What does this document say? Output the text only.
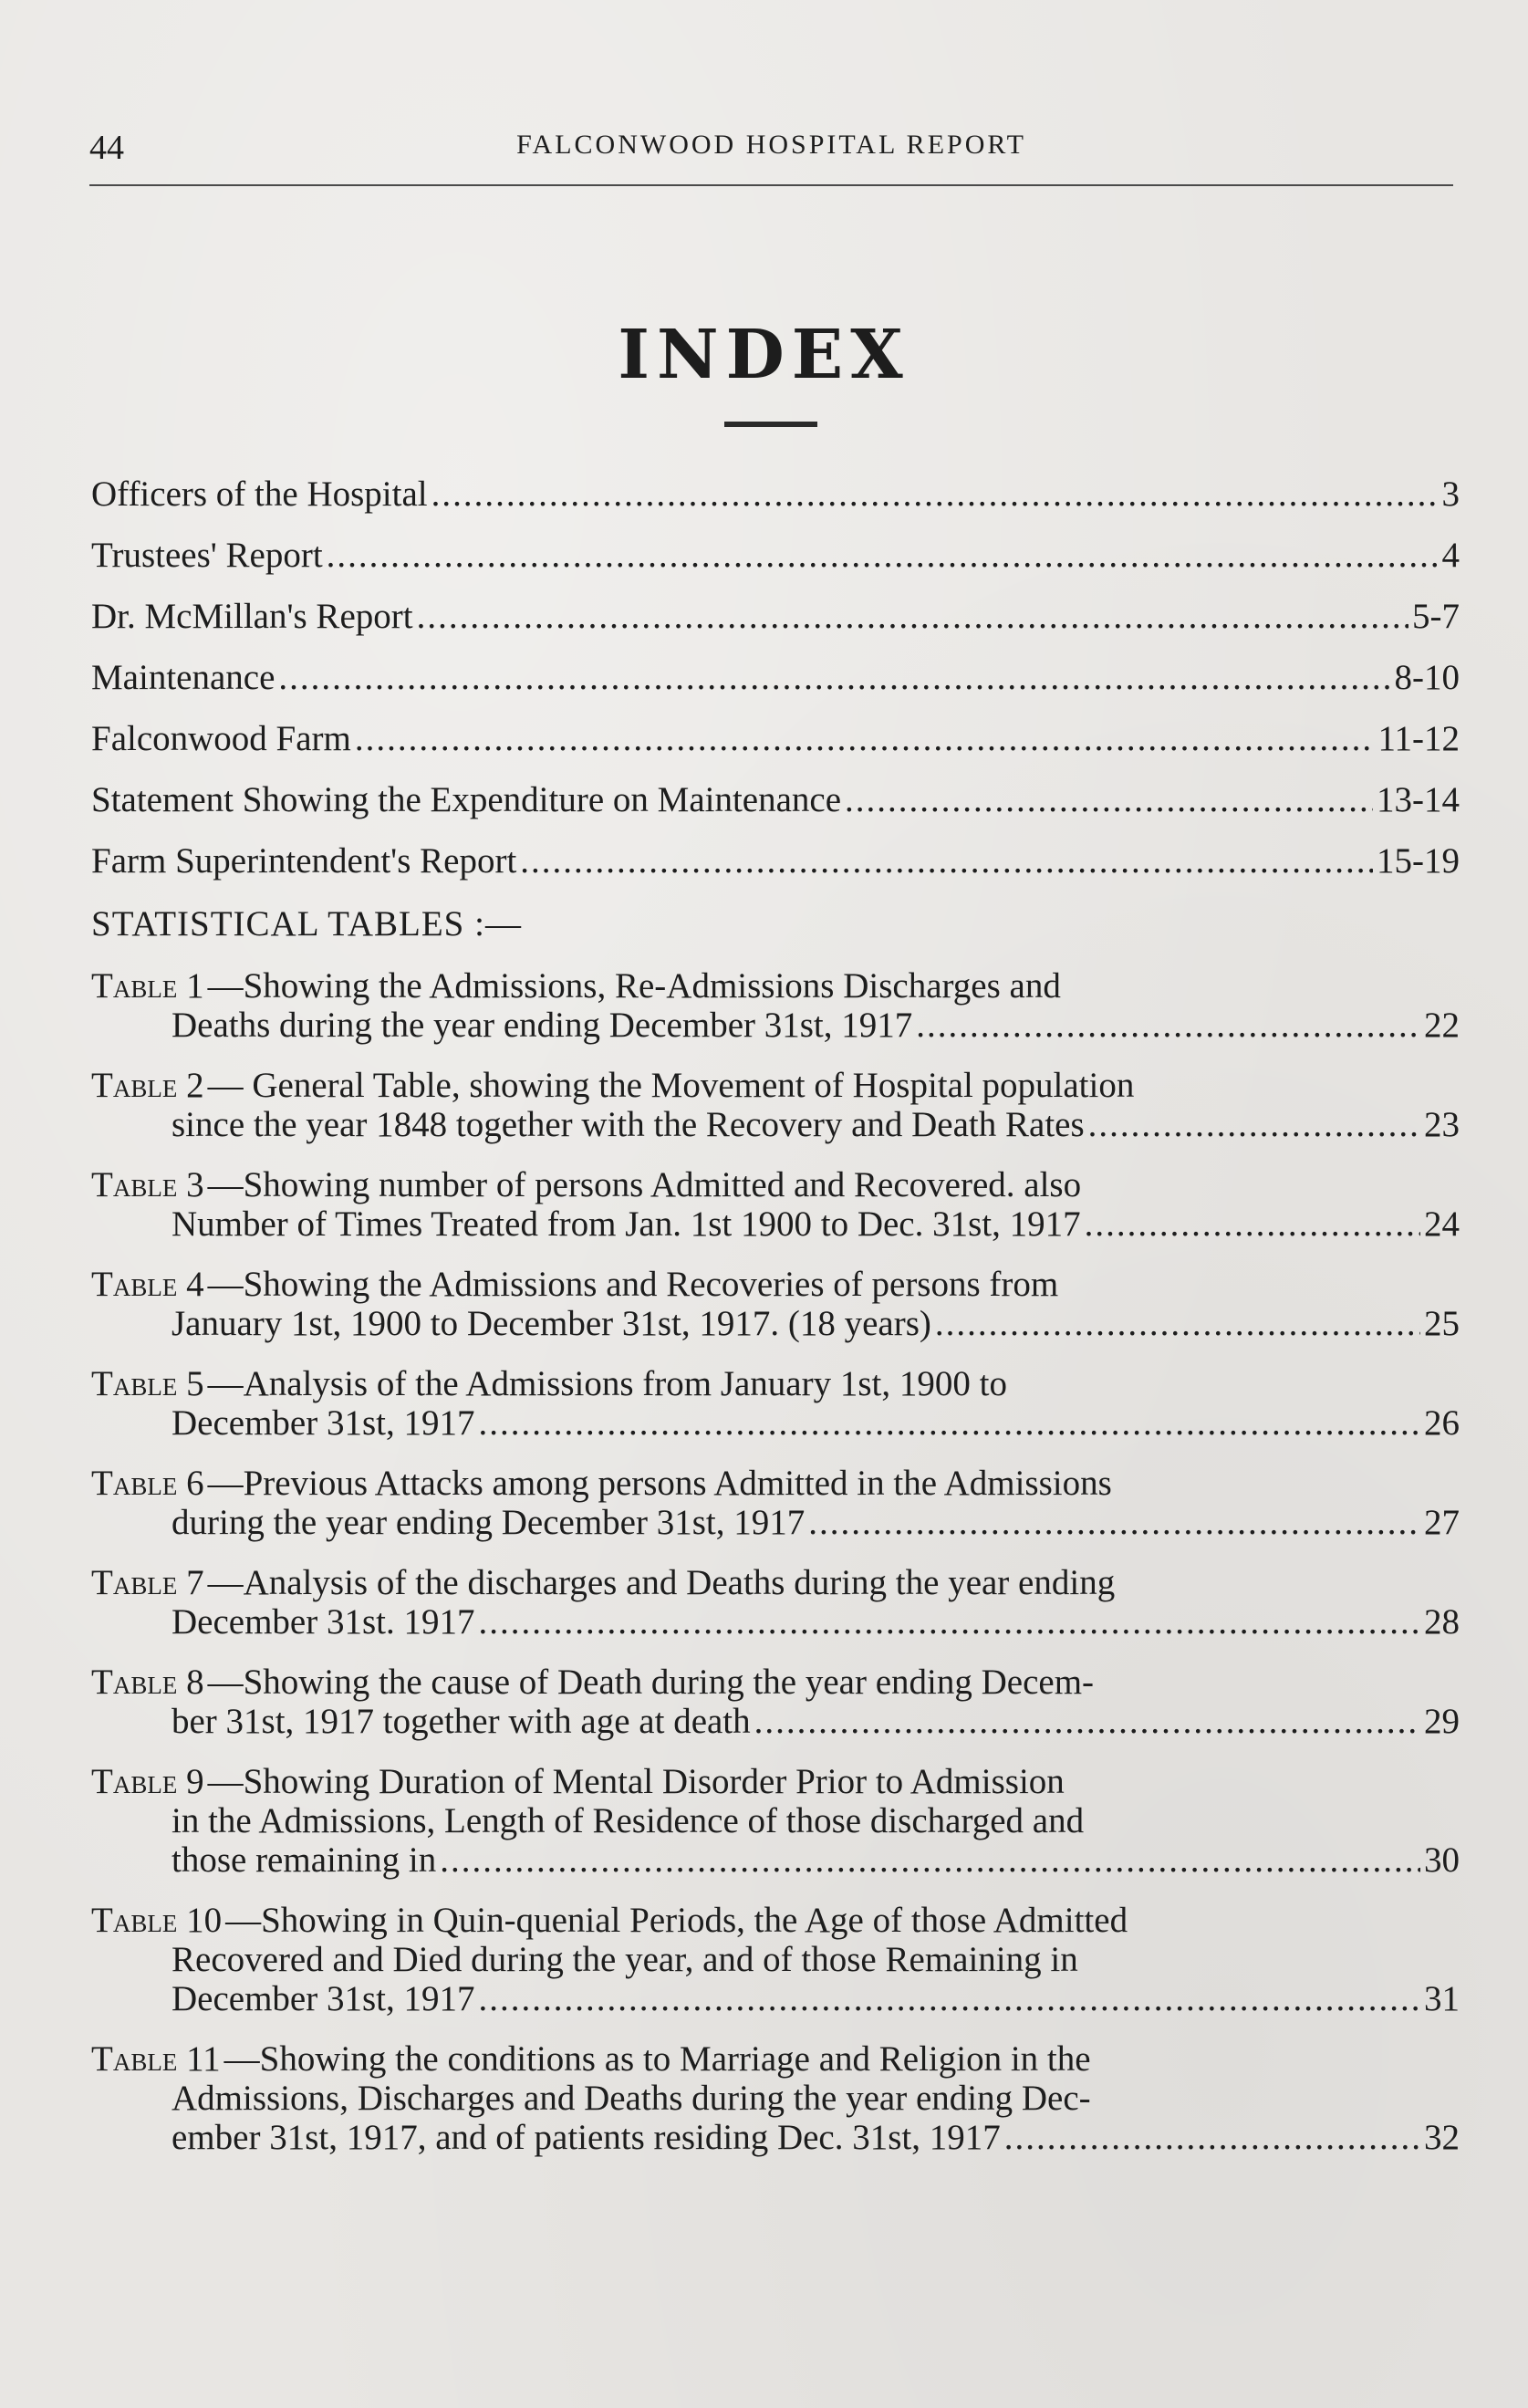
44	FALCONWOOD HOSPITAL REPORT
INDEX
Officers of the Hospital .....	3
Trustees' Report .....	4
Dr. McMillan's Report .....	5-7
Maintenance .....	8-10
Falconwood Farm .....	11-12
Statement Showing the Expenditure on Maintenance .....	13-14
Farm Superintendent's Report .....	15-19
STATISTICAL TABLES :—
Table 1 —Showing the Admissions, Re-Admissions Discharges and
Deaths during the year ending December 31st, 1917 .....	22
Table 2 — General Table, showing the Movement of Hospital population
since the year 1848 together with the Recovery and Death Rates .....	23
Table 3 —Showing number of persons Admitted and Recovered. also
Number of Times Treated from Jan. 1st 1900 to Dec. 31st, 1917 .....	24
Table 4 —Showing the Admissions and Recoveries of persons from
January 1st, 1900 to December 31st, 1917. (18 years) .....	25
Table 5 —Analysis of the Admissions from January 1st, 1900 to
December 31st, 1917 .....	26
Table 6 —Previous Attacks among persons Admitted in the Admissions
during the year ending December 31st, 1917 .....	27
Table 7 —Analysis of the discharges and Deaths during the year ending
December 31st. 1917 .....	28
Table 8 —Showing the cause of Death during the year ending Decem-
ber 31st, 1917 together with age at death .....	29
Table 9 —Showing Duration of Mental Disorder Prior to Admission
in the Admissions, Length of Residence of those discharged and
those remaining in .....	30
Table 10 —Showing in Quin-quenial Periods, the Age of those Admitted
Recovered and Died during the year, and of those Remaining in
December 31st, 1917 .....	31
Table 11 —Showing the conditions as to Marriage and Religion in the
Admissions, Discharges and Deaths during the year ending Dec-
ember 31st, 1917, and of patients residing Dec. 31st, 1917 .....	32
